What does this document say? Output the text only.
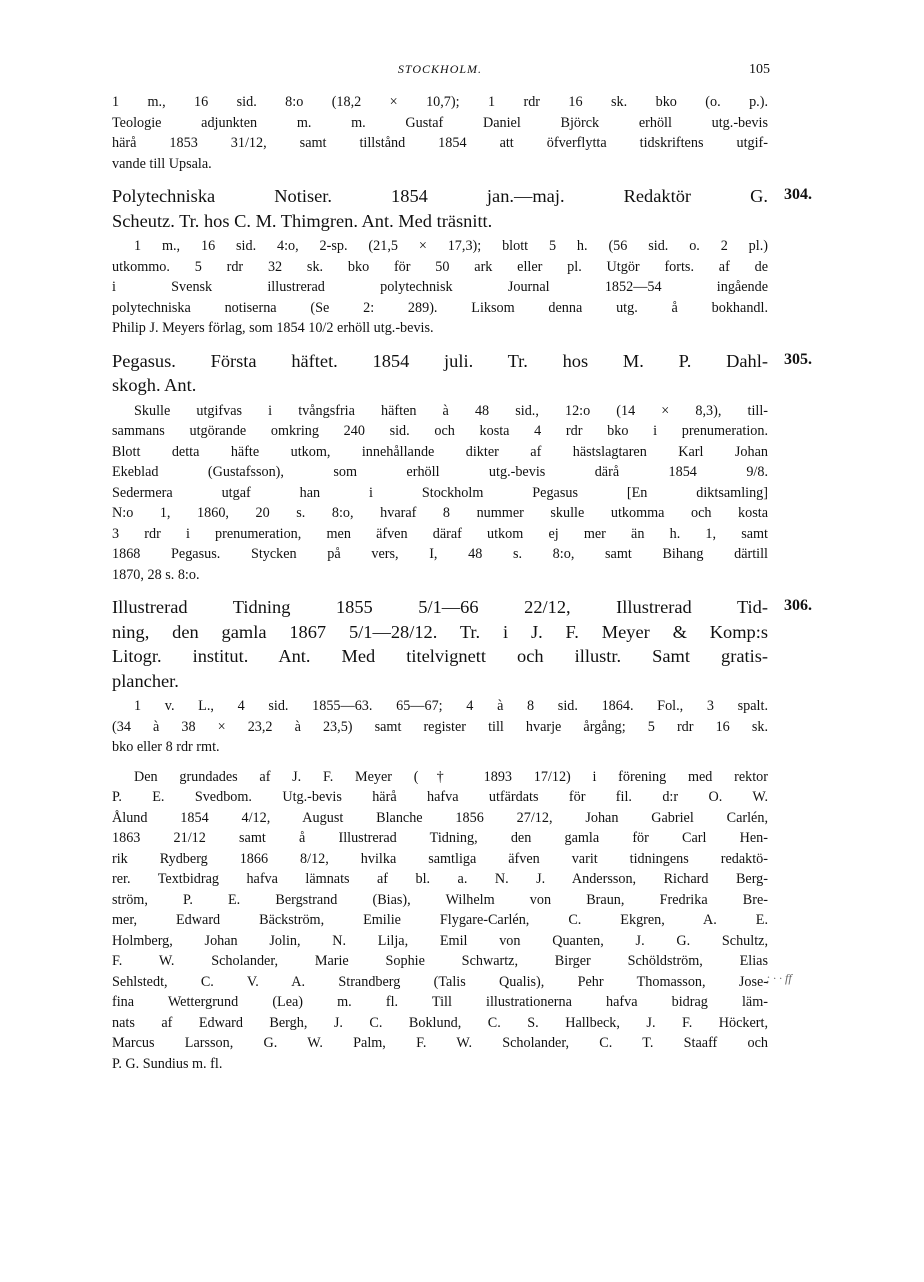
STOCKHOLM.	105
1 m., 16 sid. 8:o (18,2 × 10,7); 1 rdr 16 sk. bko (o. p.).
Teologie adjunkten m. m. Gustaf Daniel Björck erhöll utg.-bevis
härå 1853 31/12, samt tillstånd 1854 att öfverflytta tidskriftens utgif-
vande till Upsala.
304.
Polytechniska Notiser. 1854 jan.—maj. Redaktör G.
Scheutz. Tr. hos C. M. Thimgren. Ant. Med träsnitt.
1 m., 16 sid. 4:o, 2-sp. (21,5 × 17,3); blott 5 h. (56 sid. o. 2 pl.)
utkommo. 5 rdr 32 sk. bko för 50 ark eller pl. Utgör forts. af de
i Svensk illustrerad polytechnisk Journal 1852—54 ingående
polytechniska notiserna (Se 2: 289). Liksom denna utg. å bokhandl.
Philip J. Meyers förlag, som 1854 10/2 erhöll utg.-bevis.
305.
Pegasus. Första häftet. 1854 juli. Tr. hos M. P. Dahl-
skogh. Ant.
Skulle utgifvas i tvångsfria häften à 48 sid., 12:o (14 × 8,3), till-
sammans utgörande omkring 240 sid. och kosta 4 rdr bko i prenumeration.
Blott detta häfte utkom, innehållande dikter af hästslagtaren Karl Johan
Ekeblad (Gustafsson), som erhöll utg.-bevis därå 1854 9/8.
Sedermera utgaf han i Stockholm Pegasus [En diktsamling]
N:o 1, 1860, 20 s. 8:o, hvaraf 8 nummer skulle utkomma och kosta
3 rdr i prenumeration, men äfven däraf utkom ej mer än h. 1, samt
1868 Pegasus. Stycken på vers, I, 48 s. 8:o, samt Bihang därtill
1870, 28 s. 8:o.
306.
Illustrerad Tidning 1855 5/1—66 22/12, Illustrerad Tid-
ning, den gamla 1867 5/1—28/12. Tr. i J. F. Meyer & Komp:s
Litogr. institut. Ant. Med titelvignett och illustr. Samt gratis-
plancher.
1 v. L., 4 sid. 1855—63. 65—67; 4 à 8 sid. 1864. Fol., 3 spalt.
(34 à 38 × 23,2 à 23,5) samt register till hvarje årgång; 5 rdr 16 sk.
bko eller 8 rdr rmt.
Den grundades af J. F. Meyer († 1893 17/12) i förening med rektor
P. E. Svedbom. Utg.-bevis härå hafva utfärdats för fil. d:r O. W.
Ålund 1854 4/12, August Blanche 1856 27/12, Johan Gabriel Carlén,
1863 21/12 samt å Illustrerad Tidning, den gamla för Carl Hen-
rik Rydberg 1866 8/12, hvilka samtliga äfven varit tidningens redaktö-
rer. Textbidrag hafva lämnats af bl. a. N. J. Andersson, Richard Berg-
ström, P. E. Bergstrand (Bias), Wilhelm von Braun, Fredrika Bre-
mer, Edward Bäckström, Emilie Flygare-Carlén, C. Ekgren, A. E.
Holmberg, Johan Jolin, N. Lilja, Emil von Quanten, J. G. Schultz,
F. W. Scholander, Marie Sophie Schwartz, Birger Schöldström, Elias
Sehlstedt, C. V. A. Strandberg (Talis Qualis), Pehr Thomasson, Jose-
fina Wettergrund (Lea) m. fl. Till illustrationerna hafva bidrag läm-
nats af Edward Bergh, J. C. Boklund, C. S. Hallbeck, J. F. Höckert,
Marcus Larsson, G. W. Palm, F. W. Scholander, C. T. Staaff och
P. G. Sundius m. fl.
; · · ff
